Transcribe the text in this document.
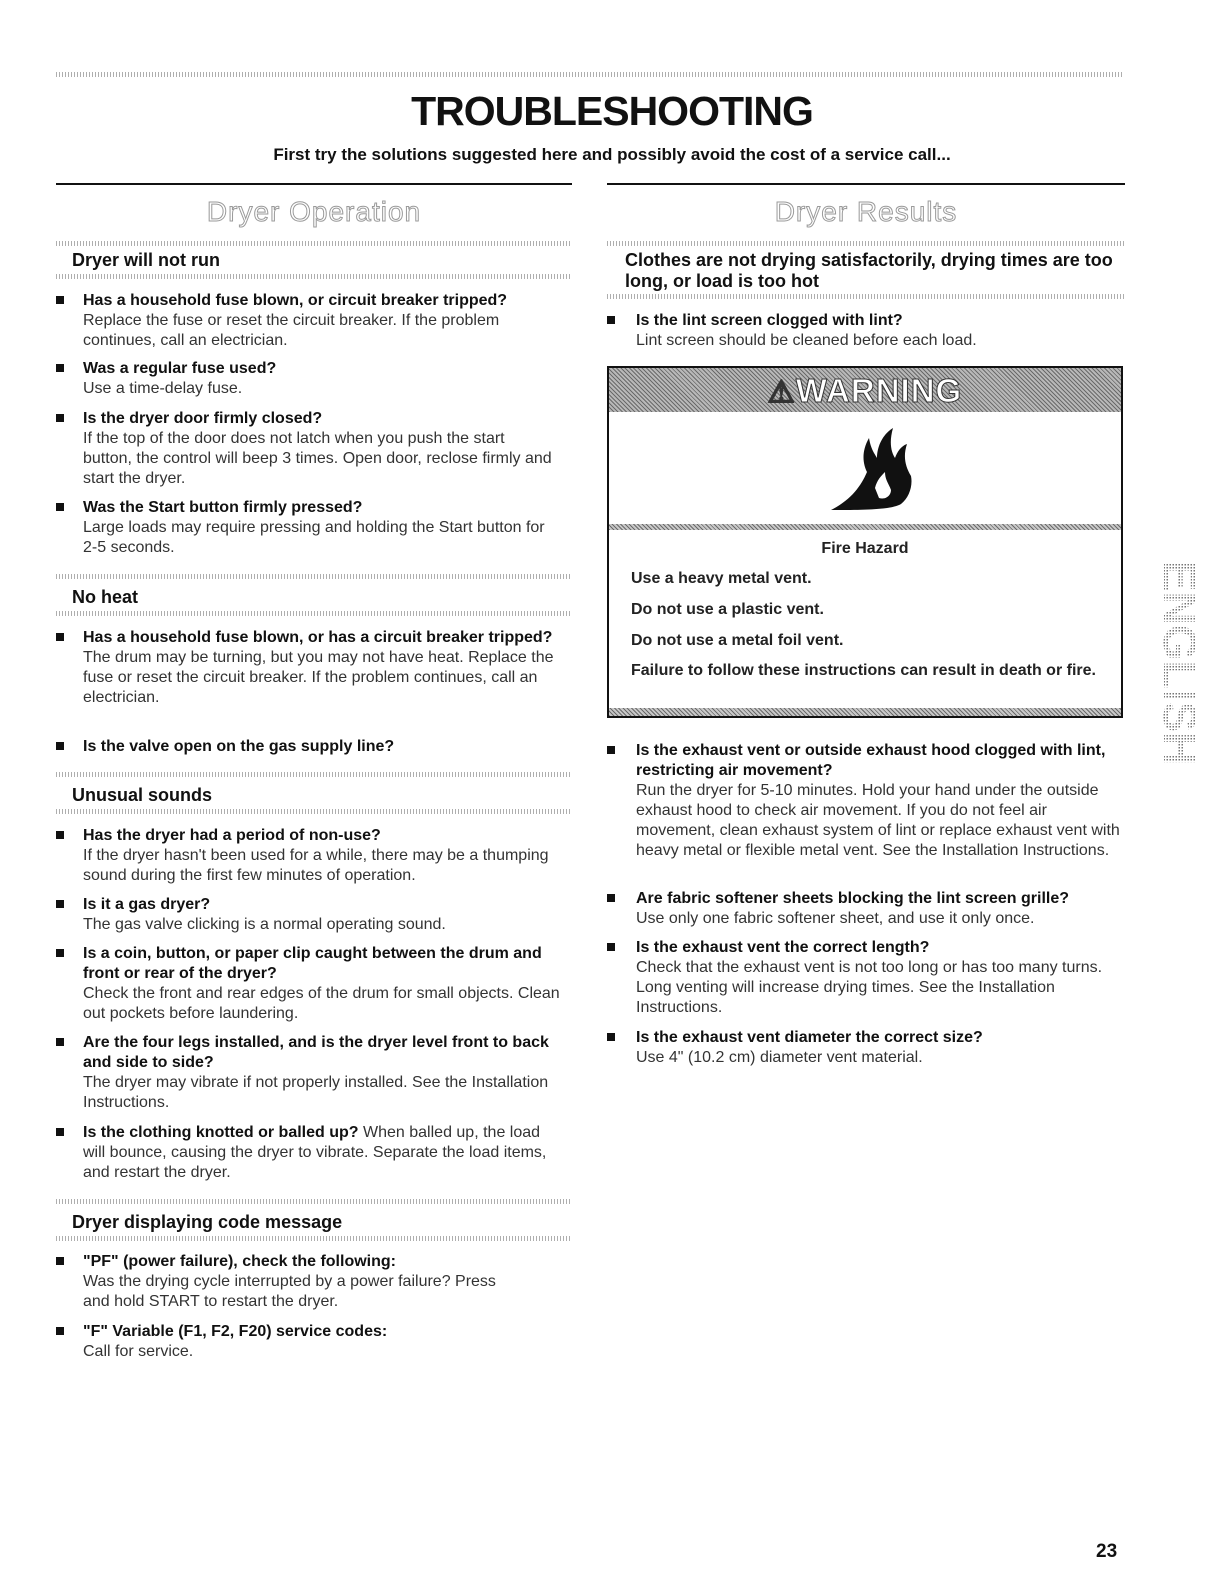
TROUBLESHOOTING
First try the solutions suggested here and possibly avoid the cost of a service call...
Dryer Operation	Dryer Results
Dryer will not run
Has a household fuse blown, or circuit breaker tripped?
Replace the fuse or reset the circuit breaker. If the problem continues, call an electrician.
Was a regular fuse used?
Use a time-delay fuse.
Is the dryer door firmly closed?
If the top of the door does not latch when you push the start button, the control will beep 3 times. Open door, reclose firmly and start the dryer.
Was the Start button firmly pressed?
Large loads may require pressing and holding the Start button for 2-5 seconds.
No heat
Has a household fuse blown, or has a circuit breaker tripped?
The drum may be turning, but you may not have heat. Replace the fuse or reset the circuit breaker. If the problem continues, call an electrician.
Is the valve open on the gas supply line?
Unusual sounds
Has the dryer had a period of non-use?
If the dryer hasn't been used for a while, there may be a thumping sound during the first few minutes of operation.
Is it a gas dryer?
The gas valve clicking is a normal operating sound.
Is a coin, button, or paper clip caught between the drum and front or rear of the dryer?
Check the front and rear edges of the drum for small objects. Clean out pockets before laundering.
Are the four legs installed, and is the dryer level front to back and side to side?
The dryer may vibrate if not properly installed. See the Installation Instructions.
Is the clothing knotted or balled up? When balled up, the load will bounce, causing the dryer to vibrate. Separate the load items, and restart the dryer.
Dryer displaying code message
"PF" (power failure), check the following:
Was the drying cycle interrupted by a power failure? Press and hold START to restart the dryer.
"F" Variable (F1, F2, F20) service codes:
Call for service.
Clothes are not drying satisfactorily, drying times are too long, or load is too hot
Is the lint screen clogged with lint?
Lint screen should be cleaned before each load.
⚠WARNING
Fire Hazard
Use a heavy metal vent.
Do not use a plastic vent.
Do not use a metal foil vent.
Failure to follow these instructions can result in death or fire.
Is the exhaust vent or outside exhaust hood clogged with lint, restricting air movement?
Run the dryer for 5-10 minutes. Hold your hand under the outside exhaust hood to check air movement. If you do not feel air movement, clean exhaust system of lint or replace exhaust vent with heavy metal or flexible metal vent. See the Installation Instructions.
Are fabric softener sheets blocking the lint screen grille?
Use only one fabric softener sheet, and use it only once.
Is the exhaust vent the correct length?
Check that the exhaust vent is not too long or has too many turns. Long venting will increase drying times. See the Installation Instructions.
Is the exhaust vent diameter the correct size?
Use 4" (10.2 cm) diameter vent material.
ENGLISH
23
